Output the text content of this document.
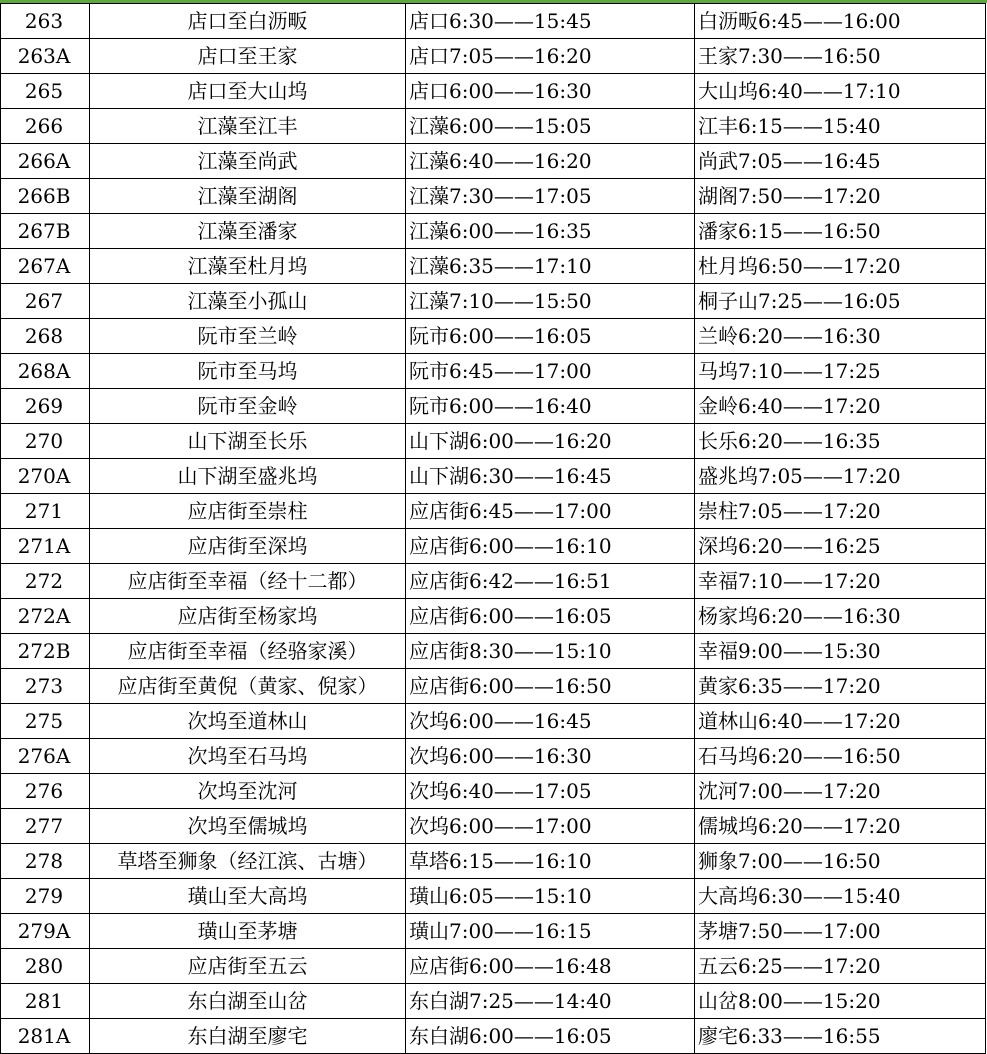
263	店口至白沥畈	店口6:30——15:45	白沥畈6:45——16:00
263A	店口至王家	店口7:05——16:20	王家7:30——16:50
265	店口至大山坞	店口6:00——16:30	大山坞6:40——17:10
266	江藻至江丰	江藻6:00——15:05	江丰6:15——15:40
266A	江藻至尚武	江藻6:40——16:20	尚武7:05——16:45
266B	江藻至湖阁	江藻7:30——17:05	湖阁7:50——17:20
267B	江藻至潘家	江藻6:00——16:35	潘家6:15——16:50
267A	江藻至杜月坞	江藻6:35——17:10	杜月坞6:50——17:20
267	江藻至小孤山	江藻7:10——15:50	桐子山7:25——16:05
268	阮市至兰岭	阮市6:00——16:05	兰岭6:20——16:30
268A	阮市至马坞	阮市6:45——17:00	马坞7:10——17:25
269	阮市至金岭	阮市6:00——16:40	金岭6:40——17:20
270	山下湖至长乐	山下湖6:00——16:20	长乐6:20——16:35
270A	山下湖至盛兆坞	山下湖6:30——16:45	盛兆坞7:05——17:20
271	应店街至崇柱	应店街6:45——17:00	崇柱7:05——17:20
271A	应店街至深坞	应店街6:00——16:10	深坞6:20——16:25
272	应店街至幸福（经十二都）	应店街6:42——16:51	幸福7:10——17:20
272A	应店街至杨家坞	应店街6:00——16:05	杨家坞6:20——16:30
272B	应店街至幸福（经骆家溪）	应店街8:30——15:10	幸福9:00——15:30
273	应店街至黄倪（黄家、倪家）	应店街6:00——16:50	黄家6:35——17:20
275	次坞至道林山	次坞6:00——16:45	道林山6:40——17:20
276A	次坞至石马坞	次坞6:00——16:30	石马坞6:20——16:50
276	次坞至沈河	次坞6:40——17:05	沈河7:00——17:20
277	次坞至儒城坞	次坞6:00——17:00	儒城坞6:20——17:20
278	草塔至狮象（经江滨、古塘）	草塔6:15——16:10	狮象7:00——16:50
279	璜山至大高坞	璜山6:05——15:10	大高坞6:30——15:40
279A	璜山至茅塘	璜山7:00——16:15	茅塘7:50——17:00
280	应店街至五云	应店街6:00——16:48	五云6:25——17:20
281	东白湖至山岔	东白湖7:25——14:40	山岔8:00——15:20
281A	东白湖至廖宅	东白湖6:00——16:05	廖宅6:33——16:55
